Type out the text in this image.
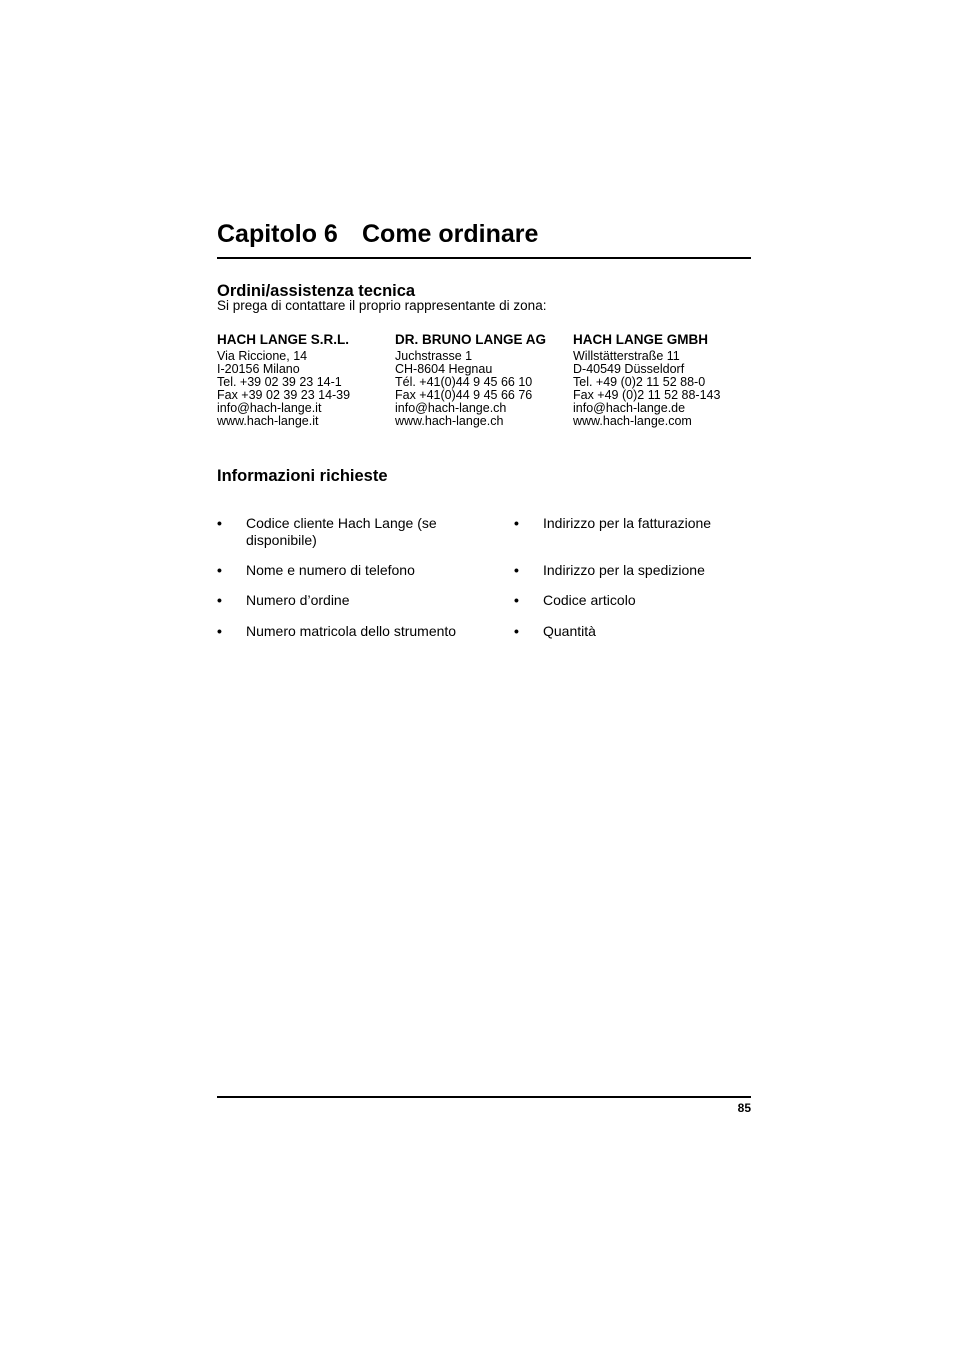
Capitolo 6 Come ordinare
Ordini/assistenza tecnica
Si prega di contattare il proprio rappresentante di zona:
HACH LANGE S.R.L.
Via Riccione, 14
I-20156 Milano
Tel. +39 02 39 23 14-1
Fax +39 02 39 23 14-39
info@hach-lange.it
www.hach-lange.it
DR. BRUNO LANGE AG
Juchstrasse 1
CH-8604 Hegnau
Tél. +41(0)44 9 45 66 10
Fax +41(0)44 9 45 66 76
info@hach-lange.ch
www.hach-lange.ch
HACH LANGE GMBH
Willstätterstraße 11
D-40549 Düsseldorf
Tel. +49 (0)2 11 52 88-0
Fax +49 (0)2 11 52 88-143
info@hach-lange.de
www.hach-lange.com
Informazioni richieste
• Codice cliente Hach Lange (se disponibile)
• Nome e numero di telefono
• Numero d’ordine
• Numero matricola dello strumento
• Indirizzo per la fatturazione
• Indirizzo per la spedizione
• Codice articolo
• Quantità
85
